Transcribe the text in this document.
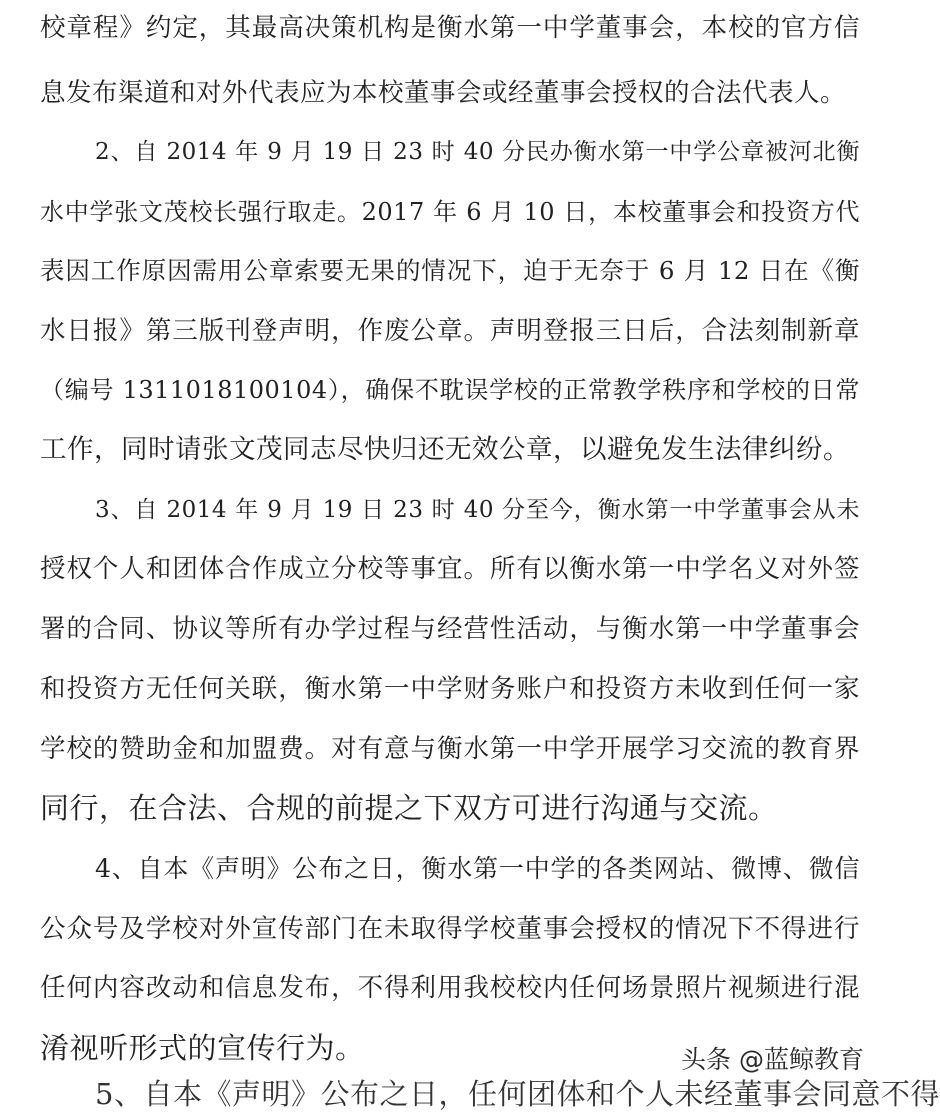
校章程》约定，其最高决策机构是衡水第一中学董事会，本校的官方信
息发布渠道和对外代表应为本校董事会或经董事会授权的合法代表人。
2、自 2014 年 9 月 19 日 23 时 40 分民办衡水第一中学公章被河北衡
水中学张文茂校长强行取走。2017 年 6 月 10 日，本校董事会和投资方代
表因工作原因需用公章索要无果的情况下，迫于无奈于 6 月 12 日在《衡
水日报》第三版刊登声明，作废公章。声明登报三日后，合法刻制新章
（编号 1311018100104），确保不耽误学校的正常教学秩序和学校的日常
工作，同时请张文茂同志尽快归还无效公章，以避免发生法律纠纷。
3、自 2014 年 9 月 19 日 23 时 40 分至今，衡水第一中学董事会从未
授权个人和团体合作成立分校等事宜。所有以衡水第一中学名义对外签
署的合同、协议等所有办学过程与经营性活动，与衡水第一中学董事会
和投资方无任何关联，衡水第一中学财务账户和投资方未收到任何一家
学校的赞助金和加盟费。对有意与衡水第一中学开展学习交流的教育界
同行，在合法、合规的前提之下双方可进行沟通与交流。
4、自本《声明》公布之日，衡水第一中学的各类网站、微博、微信
公众号及学校对外宣传部门在未取得学校董事会授权的情况下不得进行
任何内容改动和信息发布，不得利用我校校内任何场景照片视频进行混
淆视听形式的宣传行为。
5、自本《声明》公布之日，任何团体和个人未经董事会同意不得
头条 @蓝鲸教育
